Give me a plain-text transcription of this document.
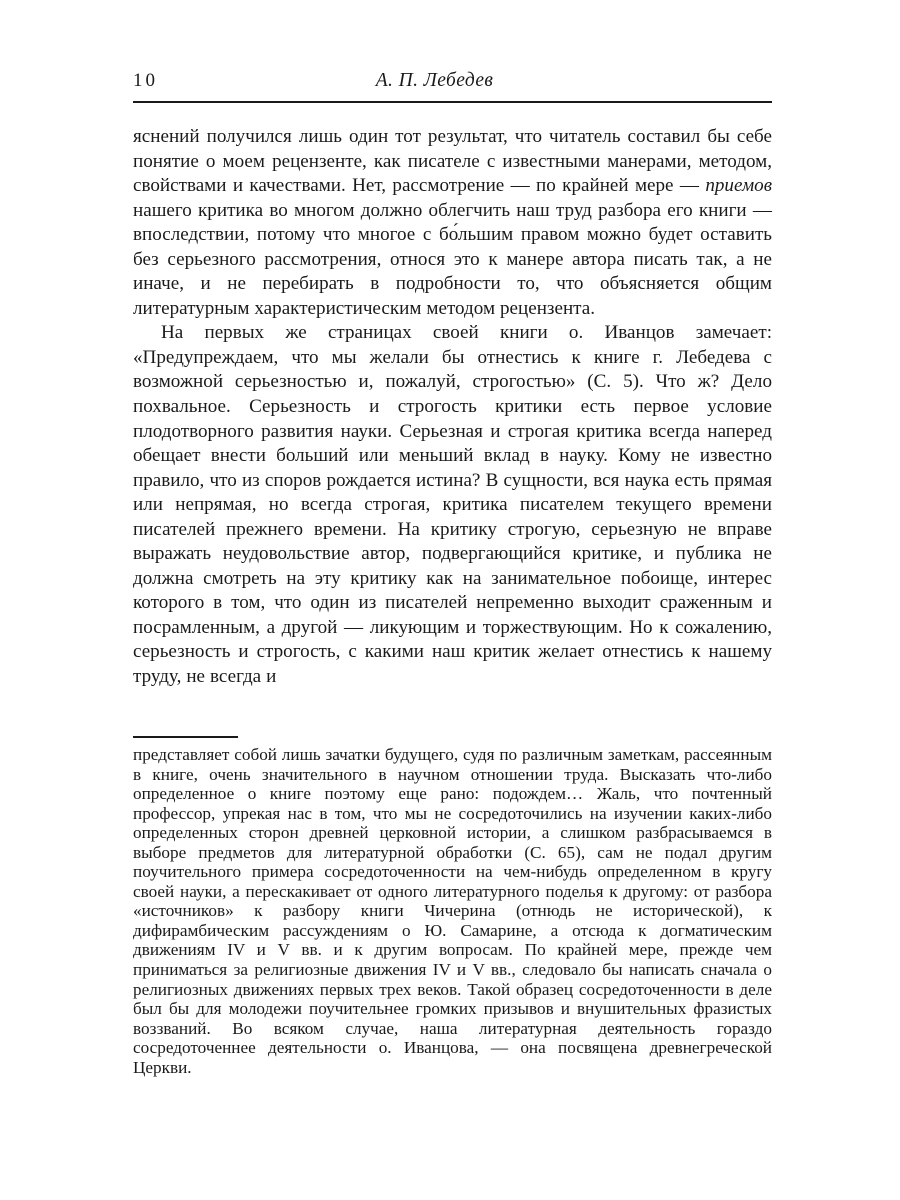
10	А. П. Лебедев

яснений получился лишь один тот результат, что читатель составил бы себе понятие о моем рецензенте, как писателе с известными манерами, методом, свойствами и качествами. Нет, рассмотрение — по крайней мере — приемов нашего критика во многом должно облегчить наш труд разбора его книги — впоследствии, потому что многое с бо́льшим правом можно будет оставить без серьезного рассмотрения, относя это к манере автора писать так, а не иначе, и не перебирать в подробности то, что объясняется общим литературным характеристическим методом рецензента.

На первых же страницах своей книги о. Иванцов замечает: «Предупреждаем, что мы желали бы отнестись к книге г. Лебедева с возможной серьезностью и, пожалуй, строгостью» (С. 5). Что ж? Дело похвальное. Серьезность и строгость критики есть первое условие плодотворного развития науки. Серьезная и строгая критика всегда наперед обещает внести больший или меньший вклад в науку. Кому не известно правило, что из споров рождается истина? В сущности, вся наука есть прямая или непрямая, но всегда строгая, критика писателем текущего времени писателей прежнего времени. На критику строгую, серьезную не вправе выражать неудовольствие автор, подвергающийся критике, и публика не должна смотреть на эту критику как на занимательное побоище, интерес которого в том, что один из писателей непременно выходит сраженным и посрамленным, а другой — ликующим и торжествующим. Но к сожалению, серьезность и строгость, с какими наш критик желает отнестись к нашему труду, не всегда и

представляет собой лишь зачатки будущего, судя по различным заметкам, рассеянным в книге, очень значительного в научном отношении труда. Высказать что-либо определенное о книге поэтому еще рано: подождем… Жаль, что почтенный профессор, упрекая нас в том, что мы не сосредоточились на изучении каких-либо определенных сторон древней церковной истории, а слишком разбрасываемся в выборе предметов для литературной обработки (С. 65), сам не подал другим поучительного примера сосредоточенности на чем-нибудь определенном в кругу своей науки, а перескакивает от одного литературного поделья к другому: от разбора «источников» к разбору книги Чичерина (отнюдь не исторической), к дифирамбическим рассуждениям о Ю. Самарине, а отсюда к догматическим движениям IV и V вв. и к другим вопросам. По крайней мере, прежде чем приниматься за религиозные движения IV и V вв., следовало бы написать сначала о религиозных движениях первых трех веков. Такой образец сосредоточенности в деле был бы для молодежи поучительнее громких призывов и внушительных фразистых воззваний. Во всяком случае, наша литературная деятельность гораздо сосредоточеннее деятельности о. Иванцова, — она посвящена древнегреческой Церкви.
